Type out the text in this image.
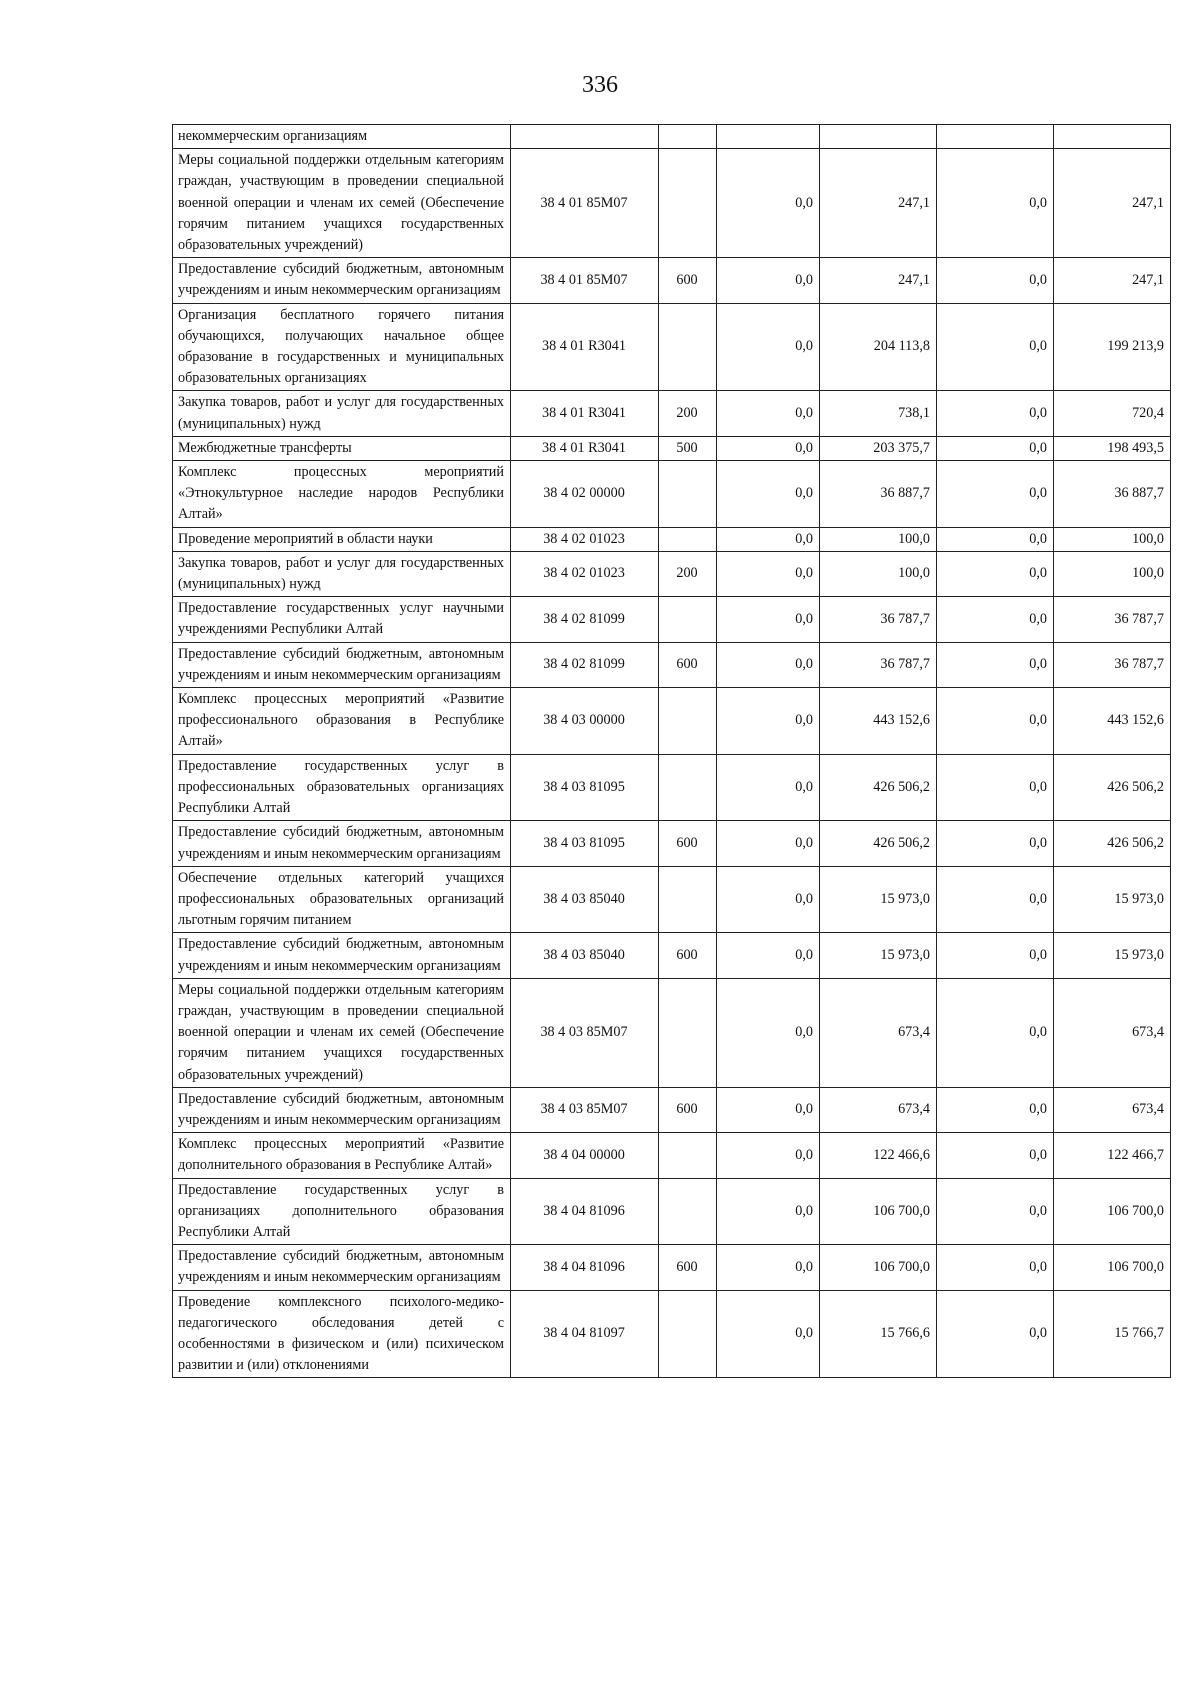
336
некоммерческим организациям						
Меры социальной поддержки отдельным категориям граждан, участвующим в проведении специальной военной операции и членам их семей (Обеспечение горячим питанием учащихся государственных образовательных учреждений)	38 4 01 85М07		0,0	247,1	0,0	247,1
Предоставление субсидий бюджетным, автономным учреждениям и иным некоммерческим организациям	38 4 01 85М07	600	0,0	247,1	0,0	247,1
Организация бесплатного горячего питания обучающихся, получающих начальное общее образование в государственных и муниципальных образовательных организациях	38 4 01 R3041		0,0	204 113,8	0,0	199 213,9
Закупка товаров, работ и услуг для государственных (муниципальных) нужд	38 4 01 R3041	200	0,0	738,1	0,0	720,4
Межбюджетные трансферты	38 4 01 R3041	500	0,0	203 375,7	0,0	198 493,5
Комплекс процессных мероприятий «Этнокультурное наследие народов Республики Алтай»	38 4 02 00000		0,0	36 887,7	0,0	36 887,7
Проведение мероприятий в области науки	38 4 02 01023		0,0	100,0	0,0	100,0
Закупка товаров, работ и услуг для государственных (муниципальных) нужд	38 4 02 01023	200	0,0	100,0	0,0	100,0
Предоставление государственных услуг научными учреждениями Республики Алтай	38 4 02 81099		0,0	36 787,7	0,0	36 787,7
Предоставление субсидий бюджетным, автономным учреждениям и иным некоммерческим организациям	38 4 02 81099	600	0,0	36 787,7	0,0	36 787,7
Комплекс процессных мероприятий «Развитие профессионального образования в Республике Алтай»	38 4 03 00000		0,0	443 152,6	0,0	443 152,6
Предоставление государственных услуг в профессиональных образовательных организациях Республики Алтай	38 4 03 81095		0,0	426 506,2	0,0	426 506,2
Предоставление субсидий бюджетным, автономным учреждениям и иным некоммерческим организациям	38 4 03 81095	600	0,0	426 506,2	0,0	426 506,2
Обеспечение отдельных категорий учащихся профессиональных образовательных организаций льготным горячим питанием	38 4 03 85040		0,0	15 973,0	0,0	15 973,0
Предоставление субсидий бюджетным, автономным учреждениям и иным некоммерческим организациям	38 4 03 85040	600	0,0	15 973,0	0,0	15 973,0
Меры социальной поддержки отдельным категориям граждан, участвующим в проведении специальной военной операции и членам их семей (Обеспечение горячим питанием учащихся государственных образовательных учреждений)	38 4 03 85М07		0,0	673,4	0,0	673,4
Предоставление субсидий бюджетным, автономным учреждениям и иным некоммерческим организациям	38 4 03 85М07	600	0,0	673,4	0,0	673,4
Комплекс процессных мероприятий «Развитие дополнительного образования в Республике Алтай»	38 4 04 00000		0,0	122 466,6	0,0	122 466,7
Предоставление государственных услуг в организациях дополнительного образования Республики Алтай	38 4 04 81096		0,0	106 700,0	0,0	106 700,0
Предоставление субсидий бюджетным, автономным учреждениям и иным некоммерческим организациям	38 4 04 81096	600	0,0	106 700,0	0,0	106 700,0
Проведение комплексного психолого-медико-педагогического обследования детей с особенностями в физическом и (или) психическом развитии и (или) отклонениями	38 4 04 81097		0,0	15 766,6	0,0	15 766,7
